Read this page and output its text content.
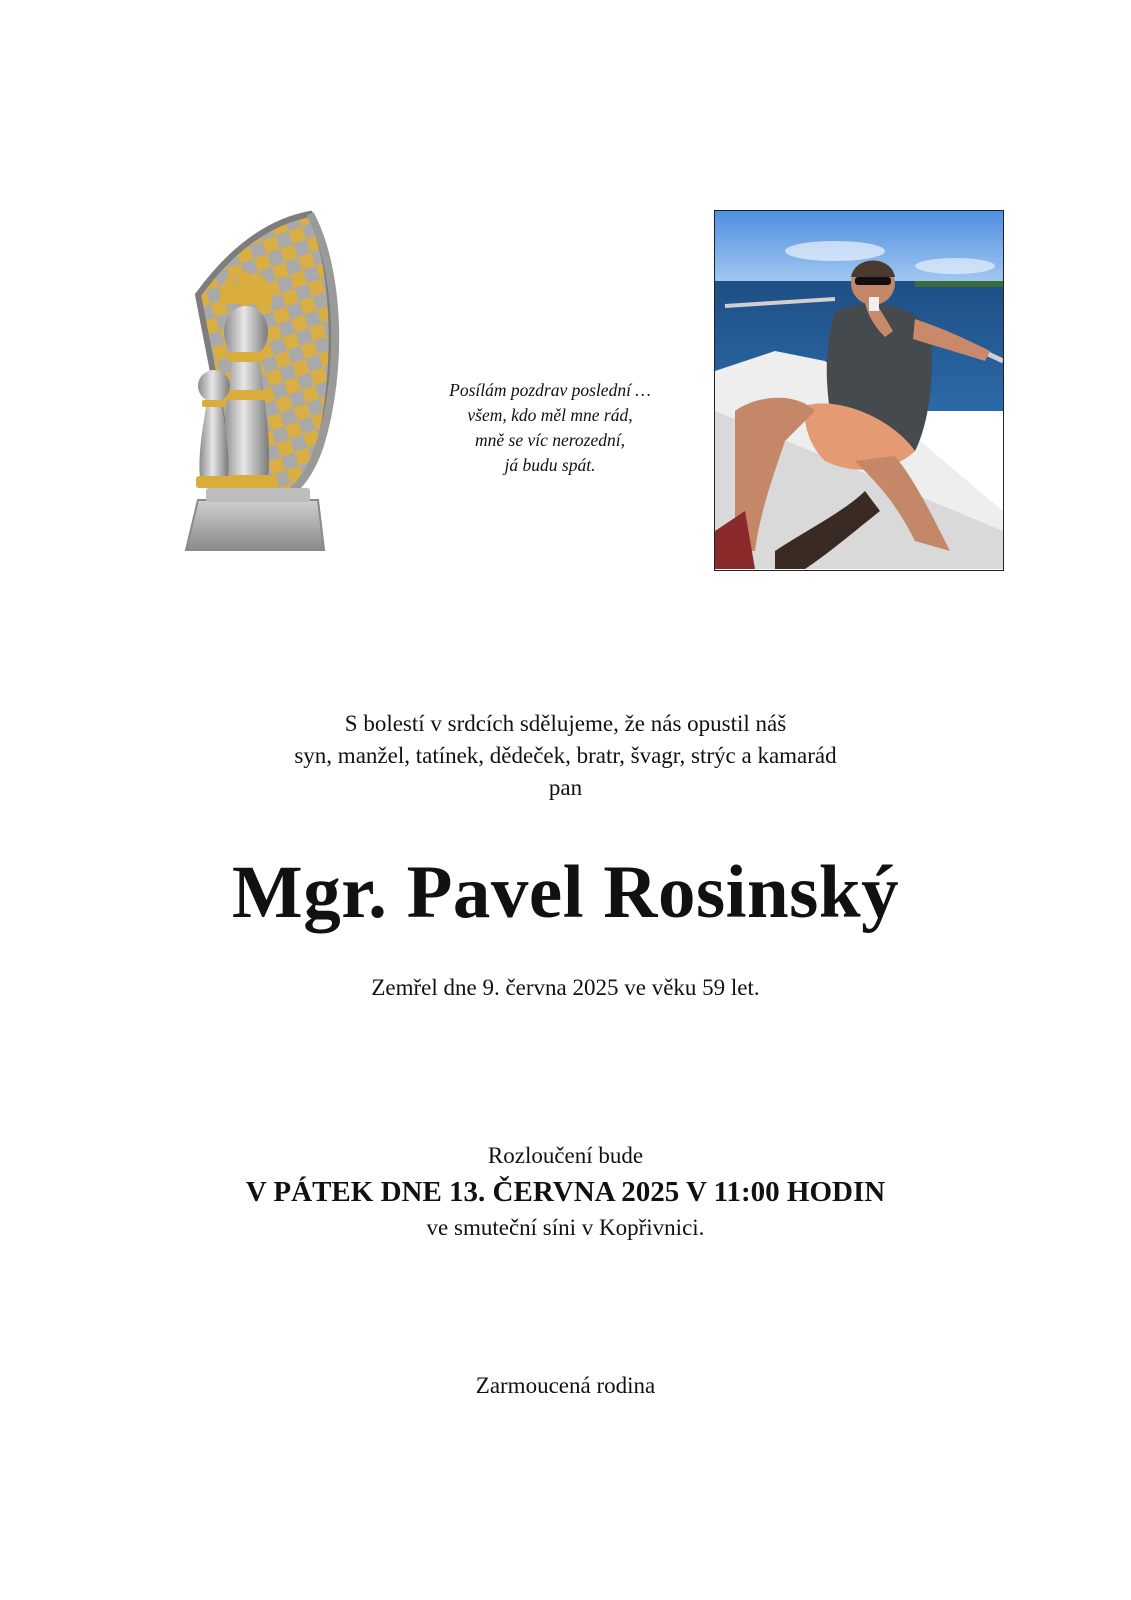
Posílám pozdrav poslední …
všem, kdo měl mne rád,
mně se víc nerozední,
já budu spát.
S bolestí v srdcích sdělujeme, že nás opustil náš
syn, manžel, tatínek, dědeček, bratr, švagr, strýc a kamarád
pan
Mgr. Pavel Rosinský
Zemřel dne 9. června 2025 ve věku 59 let.
Rozloučení bude
V PÁTEK DNE 13. ČERVNA 2025 V 11:00 HODIN
ve smuteční síni v Kopřivnici.
Zarmoucená rodina
